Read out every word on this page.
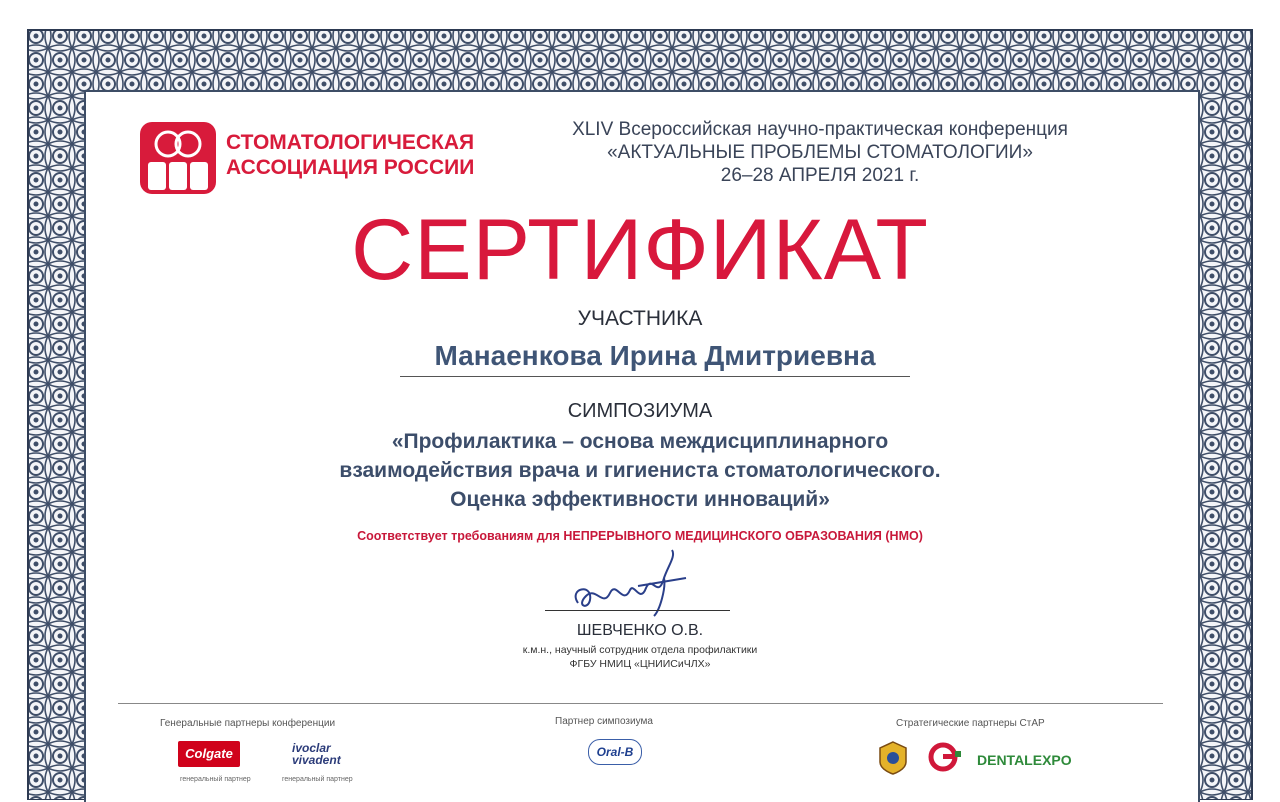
СТОМАТОЛОГИЧЕСКАЯ
АССОЦИАЦИЯ РОССИИ
XLIV Всероссийская научно-практическая конференция
«АКТУАЛЬНЫЕ ПРОБЛЕМЫ СТОМАТОЛОГИИ»
26–28 АПРЕЛЯ 2021 г.
СЕРТИФИКАТ
УЧАСТНИКА
Манаенкова Ирина Дмитриевна
СИМПОЗИУМА
«Профилактика – основа междисциплинарного
взаимодействия врача и гигиениста стоматологического.
Оценка эффективности инноваций»
Соответствует требованиям для НЕПРЕРЫВНОГО МЕДИЦИНСКОГО ОБРАЗОВАНИЯ (НМО)
ШЕВЧЕНКО О.В.
к.м.н., научный сотрудник отдела профилактики
ФГБУ НМИЦ «ЦНИИСиЧЛХ»
Генеральные партнеры конференции
Colgate
генеральный партнер
ivoclar
vivadent
генеральный партнер
Партнер симпозиума
Oral-B
Стратегические партнеры СтАР
DENTALEXPO
